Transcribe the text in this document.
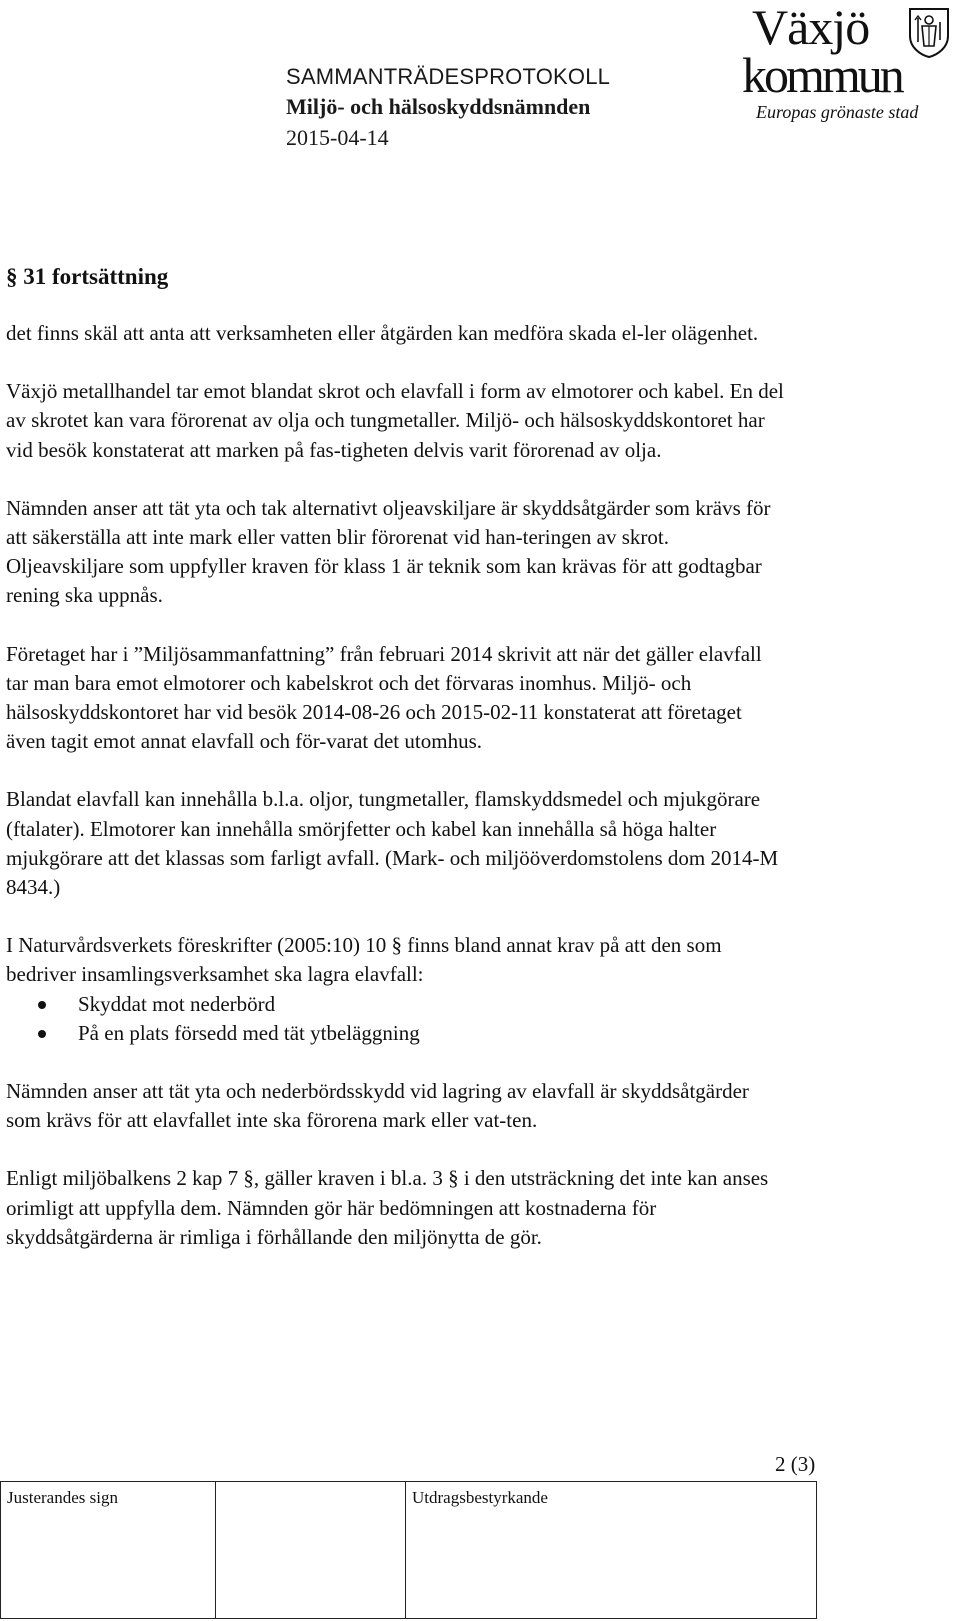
SAMMANTRÄDESPROTOKOLL
Miljö- och hälsoskyddsnämnden
2015-04-14
Växjö
kommun
Europas grönaste stad
§ 31 fortsättning

det finns skäl att anta att verksamheten eller åtgärden kan medföra skada el-ler olägenhet.

Växjö metallhandel tar emot blandat skrot och elavfall i form av elmotorer och kabel. En del av skrotet kan vara förorenat av olja och tungmetaller. Miljö- och hälsoskyddskontoret har vid besök konstaterat att marken på fas-tigheten delvis varit förorenad av olja.

Nämnden anser att tät yta och tak alternativt oljeavskiljare är skyddsåtgärder som krävs för att säkerställa att inte mark eller vatten blir förorenat vid han-teringen av skrot. Oljeavskiljare som uppfyller kraven för klass 1 är teknik som kan krävas för att godtagbar rening ska uppnås.

Företaget har i ”Miljösammanfattning” från februari 2014 skrivit att när det gäller elavfall tar man bara emot elmotorer och kabelskrot och det förvaras inomhus. Miljö- och hälsoskyddskontoret har vid besök 2014-08-26 och 2015-02-11 konstaterat att företaget även tagit emot annat elavfall och för-varat det utomhus.

Blandat elavfall kan innehålla b.l.a. oljor, tungmetaller, flamskyddsmedel och mjukgörare (ftalater). Elmotorer kan innehålla smörjfetter och kabel kan innehålla så höga halter mjukgörare att det klassas som farligt avfall. (Mark- och miljööverdomstolens dom 2014-M 8434.)

I Naturvårdsverkets föreskrifter (2005:10) 10 § finns bland annat krav på att den som bedriver insamlingsverksamhet ska lagra elavfall:

Skyddat mot nederbörd
På en plats försedd med tät ytbeläggning

Nämnden anser att tät yta och nederbördsskydd vid lagring av elavfall är skyddsåtgärder som krävs för att elavfallet inte ska förorena mark eller vat-ten.

Enligt miljöbalkens 2 kap 7 §, gäller kraven i bl.a. 3 § i den utsträckning det inte kan anses orimligt att uppfylla dem. Nämnden gör här bedömningen att kostnaderna för skyddsåtgärderna är rimliga i förhållande den miljönytta de gör.

2 (3)
Justerandes sign	Utdragsbestyrkande
